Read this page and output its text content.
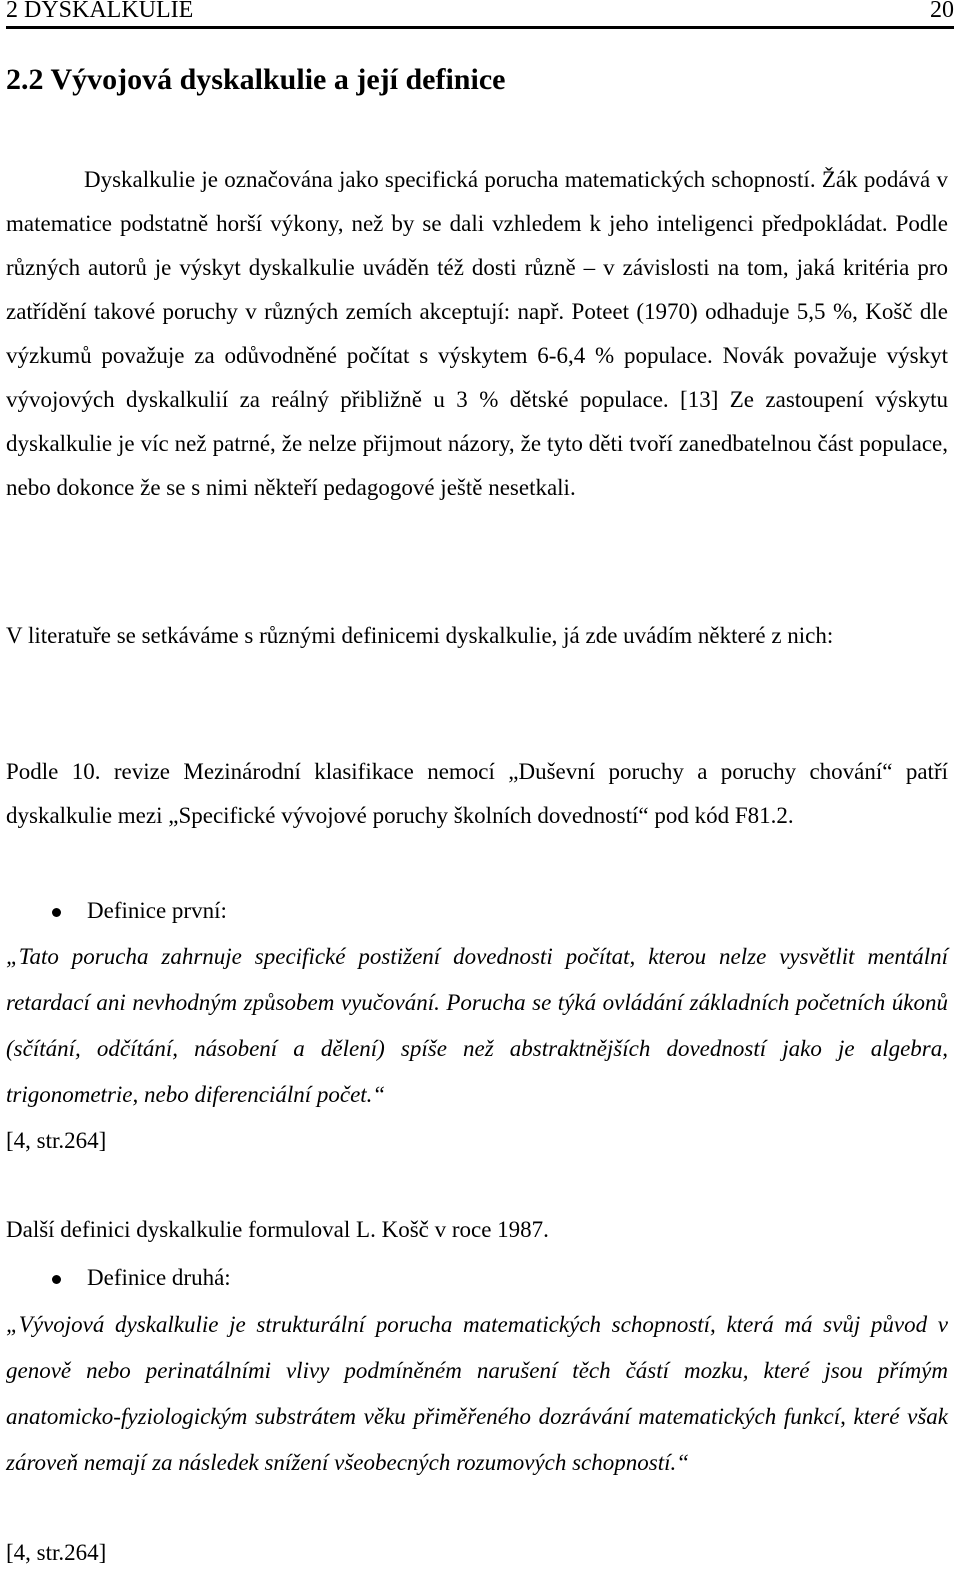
2 DYSKALKULIE	20
2.2 Vývojová dyskalkulie a její definice

Dyskalkulie je označována jako specifická porucha matematických schopností. Žák podává v matematice podstatně horší výkony, než by se dali vzhledem k jeho inteligenci předpokládat. Podle různých autorů je výskyt dyskalkulie uváděn též dosti různě – v závislosti na tom, jaká kritéria pro zatřídění takové poruchy v různých zemích akceptují: např. Poteet (1970) odhaduje 5,5 %, Košč dle výzkumů považuje za odůvodněné počítat s výskytem 6-6,4 % populace. Novák považuje výskyt vývojových dyskalkulií za reálný přibližně u 3 % dětské populace. [13] Ze zastoupení výskytu dyskalkulie je víc než patrné, že nelze přijmout názory, že tyto děti tvoří zanedbatelnou část populace, nebo dokonce že se s nimi někteří pedagogové ještě nesetkali.

V literatuře se setkáváme s různými definicemi dyskalkulie, já zde uvádím některé z nich:

Podle 10. revize Mezinárodní klasifikace nemocí „Duševní poruchy a poruchy chování“ patří dyskalkulie mezi „Specifické vývojové poruchy školních dovedností“ pod kód F81.2.

Definice první:

„Tato porucha zahrnuje specifické postižení dovednosti počítat, kterou nelze vysvětlit mentální retardací ani nevhodným způsobem vyučování. Porucha se týká ovládání základních početních úkonů (sčítání, odčítání, násobení a dělení) spíše než abstraktnějších dovedností jako je algebra, trigonometrie, nebo diferenciální počet.“

[4, str.264]
Další definici dyskalkulie formuloval L. Košč v roce 1987.
Definice druhá:

„Vývojová dyskalkulie je strukturální porucha matematických schopností, která má svůj původ v genově nebo perinatálními vlivy podmíněném narušení těch částí mozku, které jsou přímým anatomicko-fyziologickým substrátem věku přiměřeného dozrávání matematických funkcí, které však zároveň nemají za následek snížení všeobecných rozumových schopností.“

[4, str.264]
